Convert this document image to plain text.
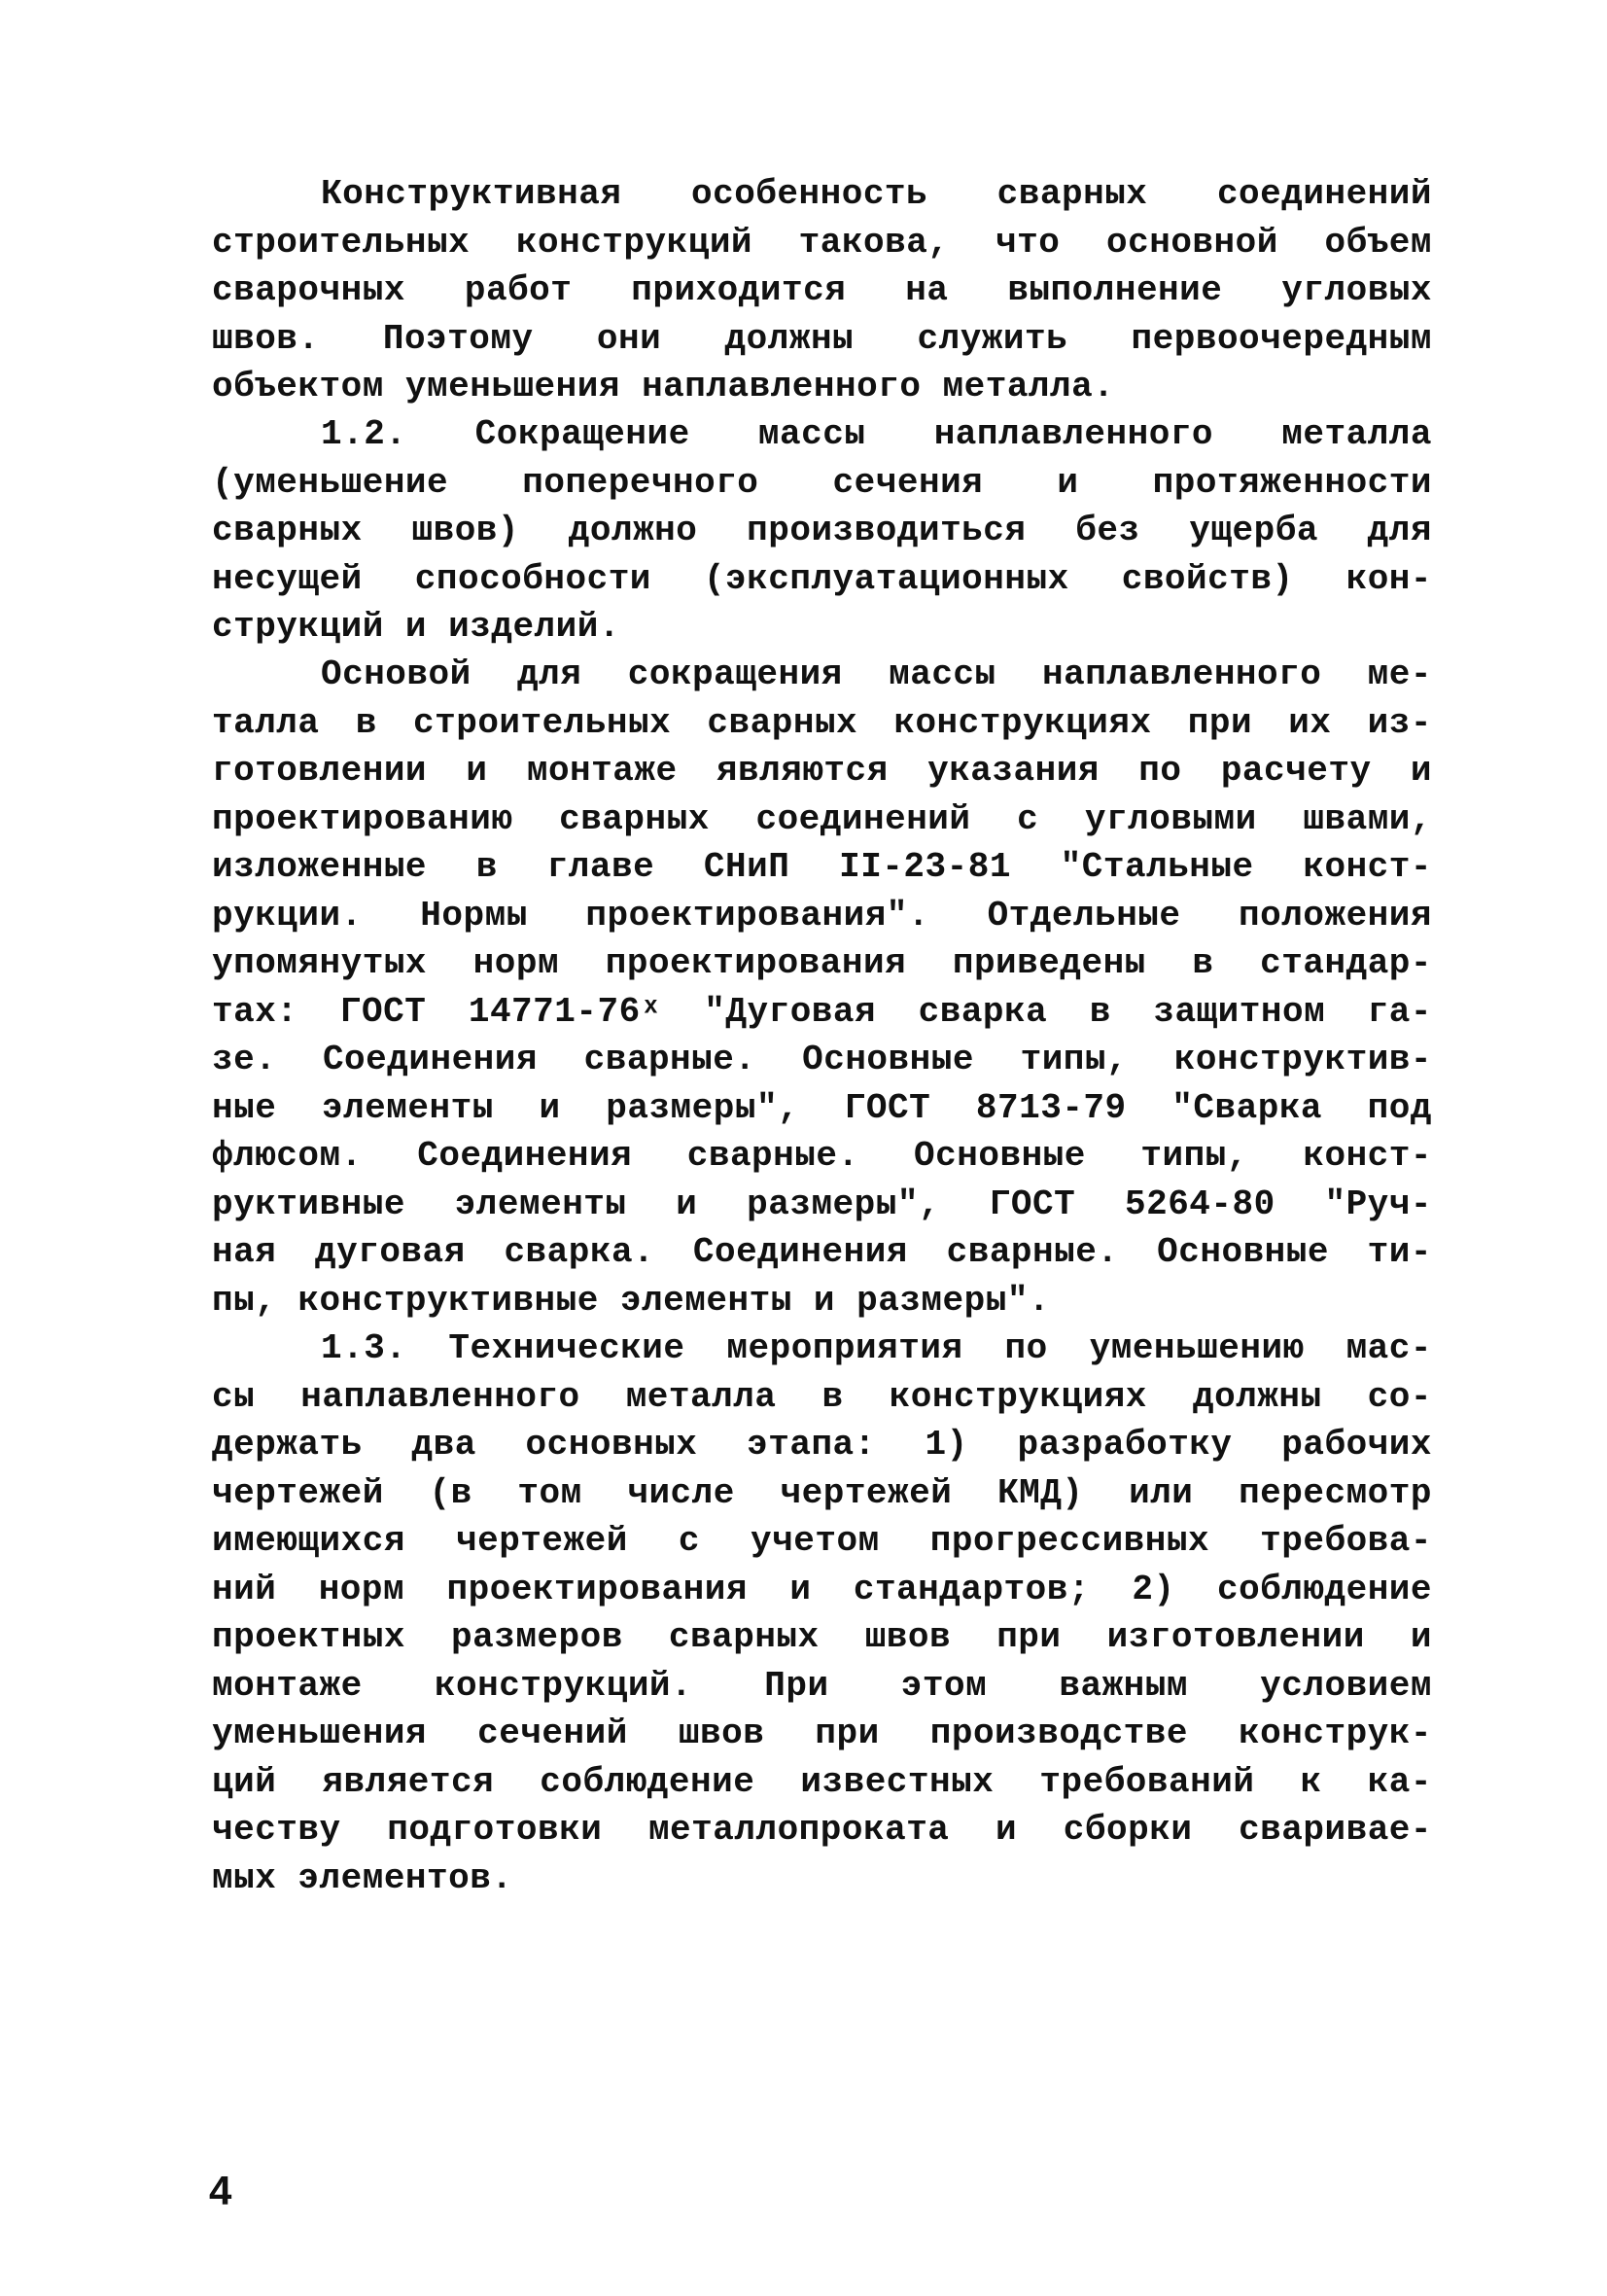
Конструктивная особенность сварных соединений
строительных конструкций такова, что основной объем
сварочных работ приходится на выполнение угловых
швов. Поэтому они должны служить первоочередным
объектом уменьшения наплавленного металла.
1.2. Сокращение массы наплавленного металла
(уменьшение поперечного сечения и протяженности
сварных швов) должно производиться без ущерба для
несущей способности (эксплуатационных свойств) кон-
струкций и изделий.
Основой для сокращения массы наплавленного ме-
талла в строительных сварных конструкциях при их из-
готовлении и монтаже являются указания по расчету и
проектированию сварных соединений с угловыми швами,
изложенные в главе СНиП II-23-81 "Стальные конст-
рукции. Нормы проектирования". Отдельные положения
упомянутых норм проектирования приведены в стандар-
тах: ГОСТ 14771-76ˣ "Дуговая сварка в защитном га-
зе. Соединения сварные. Основные типы, конструктив-
ные элементы и размеры", ГОСТ 8713-79 "Сварка под
флюсом. Соединения сварные. Основные типы, конст-
руктивные элементы и размеры", ГОСТ 5264-80 "Руч-
ная дуговая сварка. Соединения сварные. Основные ти-
пы, конструктивные элементы и размеры".
1.3. Технические мероприятия по уменьшению мас-
сы наплавленного металла в конструкциях должны со-
держать два основных этапа: 1) разработку рабочих
чертежей (в том числе чертежей КМД) или пересмотр
имеющихся чертежей с учетом прогрессивных требова-
ний норм проектирования и стандартов; 2) соблюдение
проектных размеров сварных швов при изготовлении и
монтаже конструкций. При этом важным условием
уменьшения сечений швов при производстве конструк-
ций является соблюдение известных требований к ка-
честву подготовки металлопроката и сборки сваривае-
мых элементов.
4
